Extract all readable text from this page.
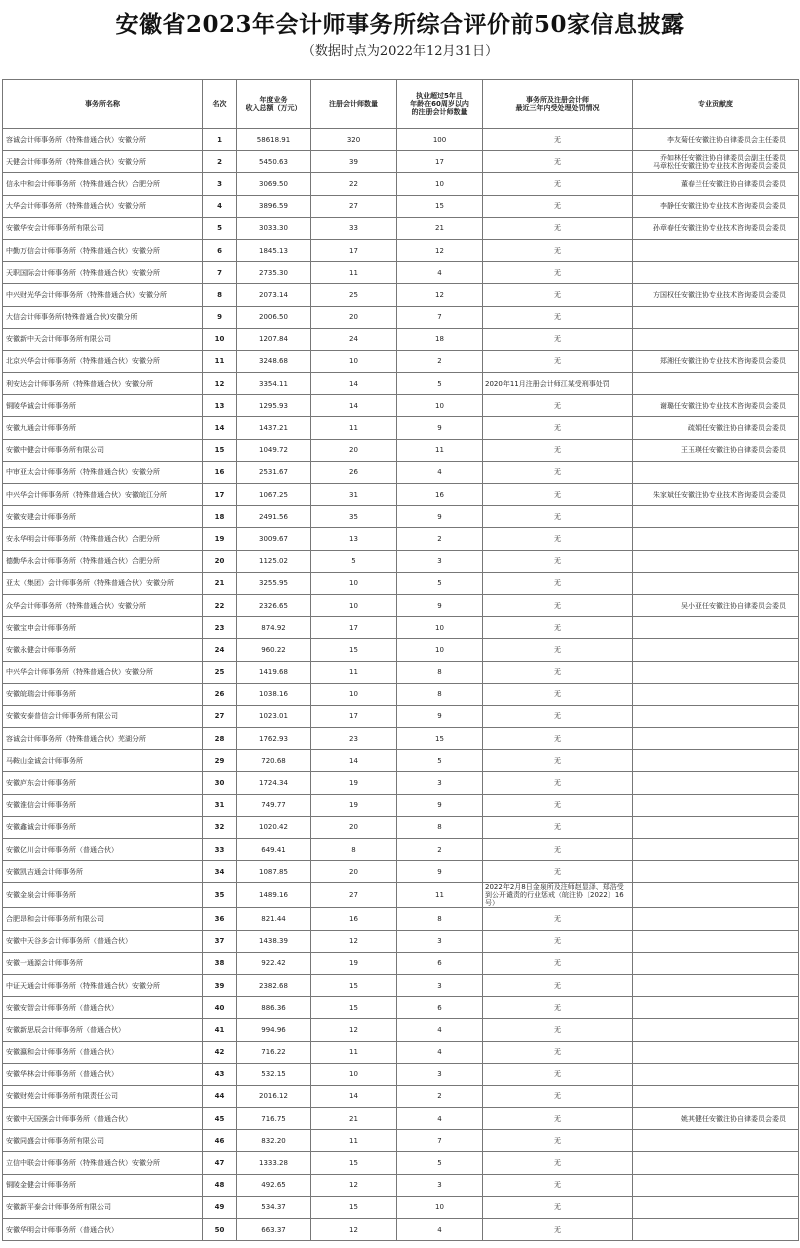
安徽省2023年会计师事务所综合评价前50家信息披露
（数据时点为2022年12月31日）
事务所名称	名次	年度业务
收入总额（万元）	注册会计师数量	执业超过5年且
年龄在60周岁以内
的注册会计师数量	事务所及注册会计师
最近三年内受处理处罚情况	专业贡献度
容诚会计师事务所（特殊普通合伙）安徽分所	1	58618.91	320	100	无	李友菊任安徽注协自律委员会主任委员
天健会计师事务所（特殊普通合伙）安徽分所	2	5450.63	39	17	无	乔如林任安徽注协自律委员会副主任委员
马章松任安徽注协专业技术咨询委员会委员
信永中和会计师事务所（特殊普通合伙）合肥分所	3	3069.50	22	10	无	董春兰任安徽注协自律委员会委员
大华会计师事务所（特殊普通合伙）安徽分所	4	3896.59	27	15	无	李静任安徽注协专业技术咨询委员会委员
安徽华安会计师事务所有限公司	5	3033.30	33	21	无	孙章春任安徽注协专业技术咨询委员会委员
中勤万信会计师事务所（特殊普通合伙）安徽分所	6	1845.13	17	12	无	
天职国际会计师事务所（特殊普通合伙）安徽分所	7	2735.30	11	4	无	
中兴财光华会计师事务所（特殊普通合伙）安徽分所	8	2073.14	25	12	无	方国权任安徽注协专业技术咨询委员会委员
大信会计师事务所(特殊普通合伙)安徽分所	9	2006.50	20	7	无	
安徽新中天会计师事务所有限公司	10	1207.84	24	18	无	
北京兴华会计师事务所（特殊普通合伙）安徽分所	11	3248.68	10	2	无	郑湘任安徽注协专业技术咨询委员会委员
利安达会计师事务所（特殊普通合伙）安徽分所	12	3354.11	14	5	2020年11月注册会计师江某受刑事处罚	
铜陵华诚会计师事务所	13	1295.93	14	10	无	谢璐任安徽注协专业技术咨询委员会委员
安徽九通会计师事务所	14	1437.21	11	9	无	疏娟任安徽注协自律委员会委员
安徽中健会计师事务所有限公司	15	1049.72	20	11	无	王玉瑛任安徽注协自律委员会委员
中审亚太会计师事务所（特殊普通合伙）安徽分所	16	2531.67	26	4	无	
中兴华会计师事务所（特殊普通合伙）安徽皖江分所	17	1067.25	31	16	无	朱家斌任安徽注协专业技术咨询委员会委员
安徽安建会计师事务所	18	2491.56	35	9	无	
安永华明会计师事务所（特殊普通合伙）合肥分所	19	3009.67	13	2	无	
德勤华永会计师事务所（特殊普通合伙）合肥分所	20	1125.02	5	3	无	
亚太（集团）会计师事务所（特殊普通合伙）安徽分所	21	3255.95	10	5	无	
众华会计师事务所（特殊普通合伙）安徽分所	22	2326.65	10	9	无	吴小亚任安徽注协自律委员会委员
安徽宝申会计师事务所	23	874.92	17	10	无	
安徽永健会计师事务所	24	960.22	15	10	无	
中兴华会计师事务所（特殊普通合伙）安徽分所	25	1419.68	11	8	无	
安徽皖瑞会计师事务所	26	1038.16	10	8	无	
安徽安泰普信会计师事务所有限公司	27	1023.01	17	9	无	
容诚会计师事务所（特殊普通合伙）芜湖分所	28	1762.93	23	15	无	
马鞍山金诚会计师事务所	29	720.68	14	5	无	
安徽庐东会计师事务所	30	1724.34	19	3	无	
安徽淮信会计师事务所	31	749.77	19	9	无	
安徽鑫诚会计师事务所	32	1020.42	20	8	无	
安徽亿川会计师事务所（普通合伙）	33	649.41	8	2	无	
安徽凯吉通会计师事务所	34	1087.85	20	9	无	
安徽金泉会计师事务所	35	1489.16	27	11	2022年2月8日金泉所及注师赵显泽、郑浩受到公开谴责的行业惩戒（皖注协〔2022〕16号）	
合肥昂和会计师事务所有限公司	36	821.44	16	8	无	
安徽中天谷多会计师事务所（普通合伙）	37	1438.39	12	3	无	
安徽一通源会计师事务所	38	922.42	19	6	无	
中证天通会计师事务所（特殊普通合伙）安徽分所	39	2382.68	15	3	无	
安徽安智会计师事务所（普通合伙）	40	886.36	15	6	无	
安徽新思辰会计师事务所（普通合伙）	41	994.96	12	4	无	
安徽瀛和会计师事务所（普通合伙）	42	716.22	11	4	无	
安徽华林会计师事务所（普通合伙）	43	532.15	10	3	无	
安徽财苑会计师事务所有限责任公司	44	2016.12	14	2	无	
安徽中天国强会计师事务所（普通合伙）	45	716.75	21	4	无	姚其健任安徽注协自律委员会委员
安徽同盛会计师事务所有限公司	46	832.20	11	7	无	
立信中联会计师事务所（特殊普通合伙）安徽分所	47	1333.28	15	5	无	
铜陵金健会计师事务所	48	492.65	12	3	无	
安徽新平泰会计师事务所有限公司	49	534.37	15	10	无	
安徽华明会计师事务所（普通合伙）	50	663.37	12	4	无	
